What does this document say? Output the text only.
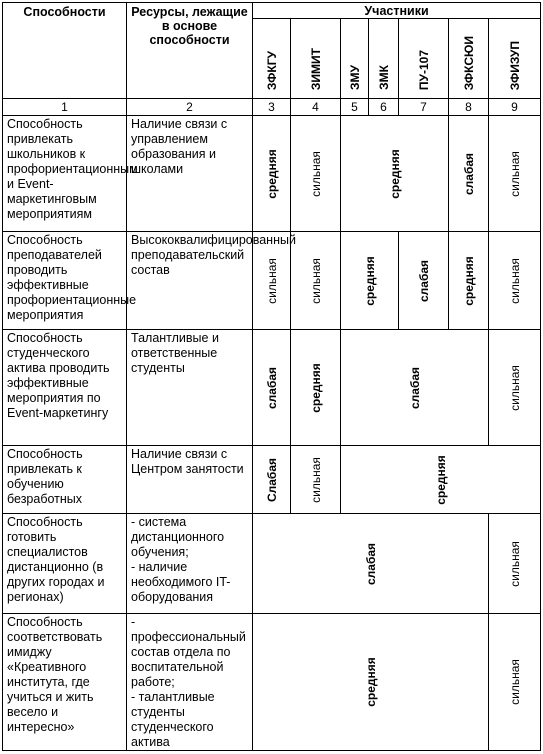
Способности	Ресурсы, лежащие в основе способности	Участники						

		ЗФКГУ	ЗИМИТ	ЗМУ	ЗМК	ПУ-107	ЗФКСЮИ	ЗФИЗУП

1	2	3	4	5	6	7	8	9
Способность привлекать школьников к профориентационным и Event-маркетинговым мероприятиям	Наличие связи с управлением образования и школами	средняя	сильная	средняя			слабая	сильная

Способность преподавателей проводить эффективные профориентационные мероприятия	Высококвалифицированный преподавательский состав	сильная	сильная	средняя		слабая	средняя	сильная

Способность студенческого актива проводить эффективные мероприятия по Event-маркетингу	Талантливые и ответственные студенты	слабая	средняя	слабая				сильная

Способность привлекать к обучению безработных	Наличие связи с Центром занятости	Слабая	сильная	средняя				

Способность готовить специалистов дистанционно (в других городах и регионах)	- система дистанционного обучения;
- наличие необходимого IT-оборудования	слабая						сильная

Способность соответствовать имиджу «Креативного института, где учиться и жить весело и интересно»	- профессиональный состав отдела по воспитательной работе;
- талантливые студенты студенческого актива	средняя						сильная
